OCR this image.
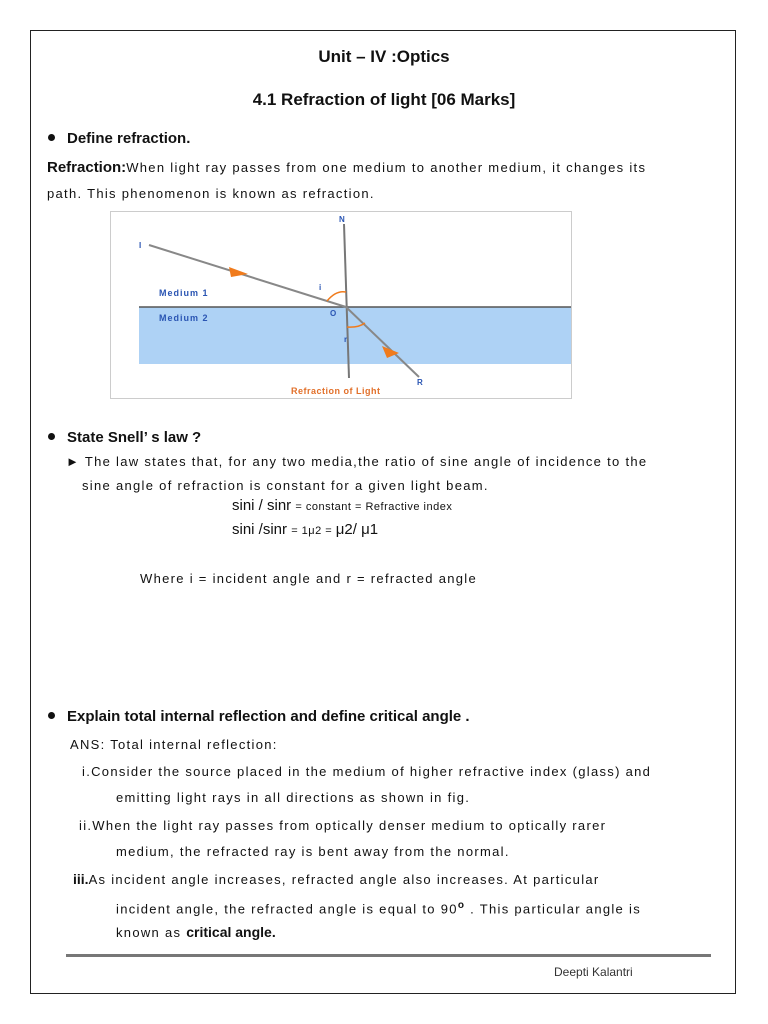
Unit – IV :Optics
4.1 Refraction of light [06 Marks]
Define refraction.
Refraction:When light ray passes from one medium to another medium, it changes its
path. This phenomenon is known as refraction.
N
I
i
O
r
R
Medium 1
Medium 2
Refraction of Light
State Snell’ s law ?
► The law states that, for any two media,the ratio of sine angle of incidence to the
sine angle of refraction is constant for a given light beam.
sini / sinr = constant = Refractive index
sini /sinr = 1μ2 = μ2/ μ1
Where i = incident angle and r = refracted angle
Explain total internal reflection and define critical angle .
ANS: Total internal reflection:
i.Consider the source placed in the medium of higher refractive index (glass) and
emitting light rays in all directions as shown in fig.
ii.When the light ray passes from optically denser medium to optically rarer
medium, the refracted ray is bent away from the normal.
iii.As incident angle increases, refracted angle also increases. At particular
incident angle, the refracted angle is equal to 90$^o$ . This particular angle is
known as critical angle.
Deepti Kalantri
